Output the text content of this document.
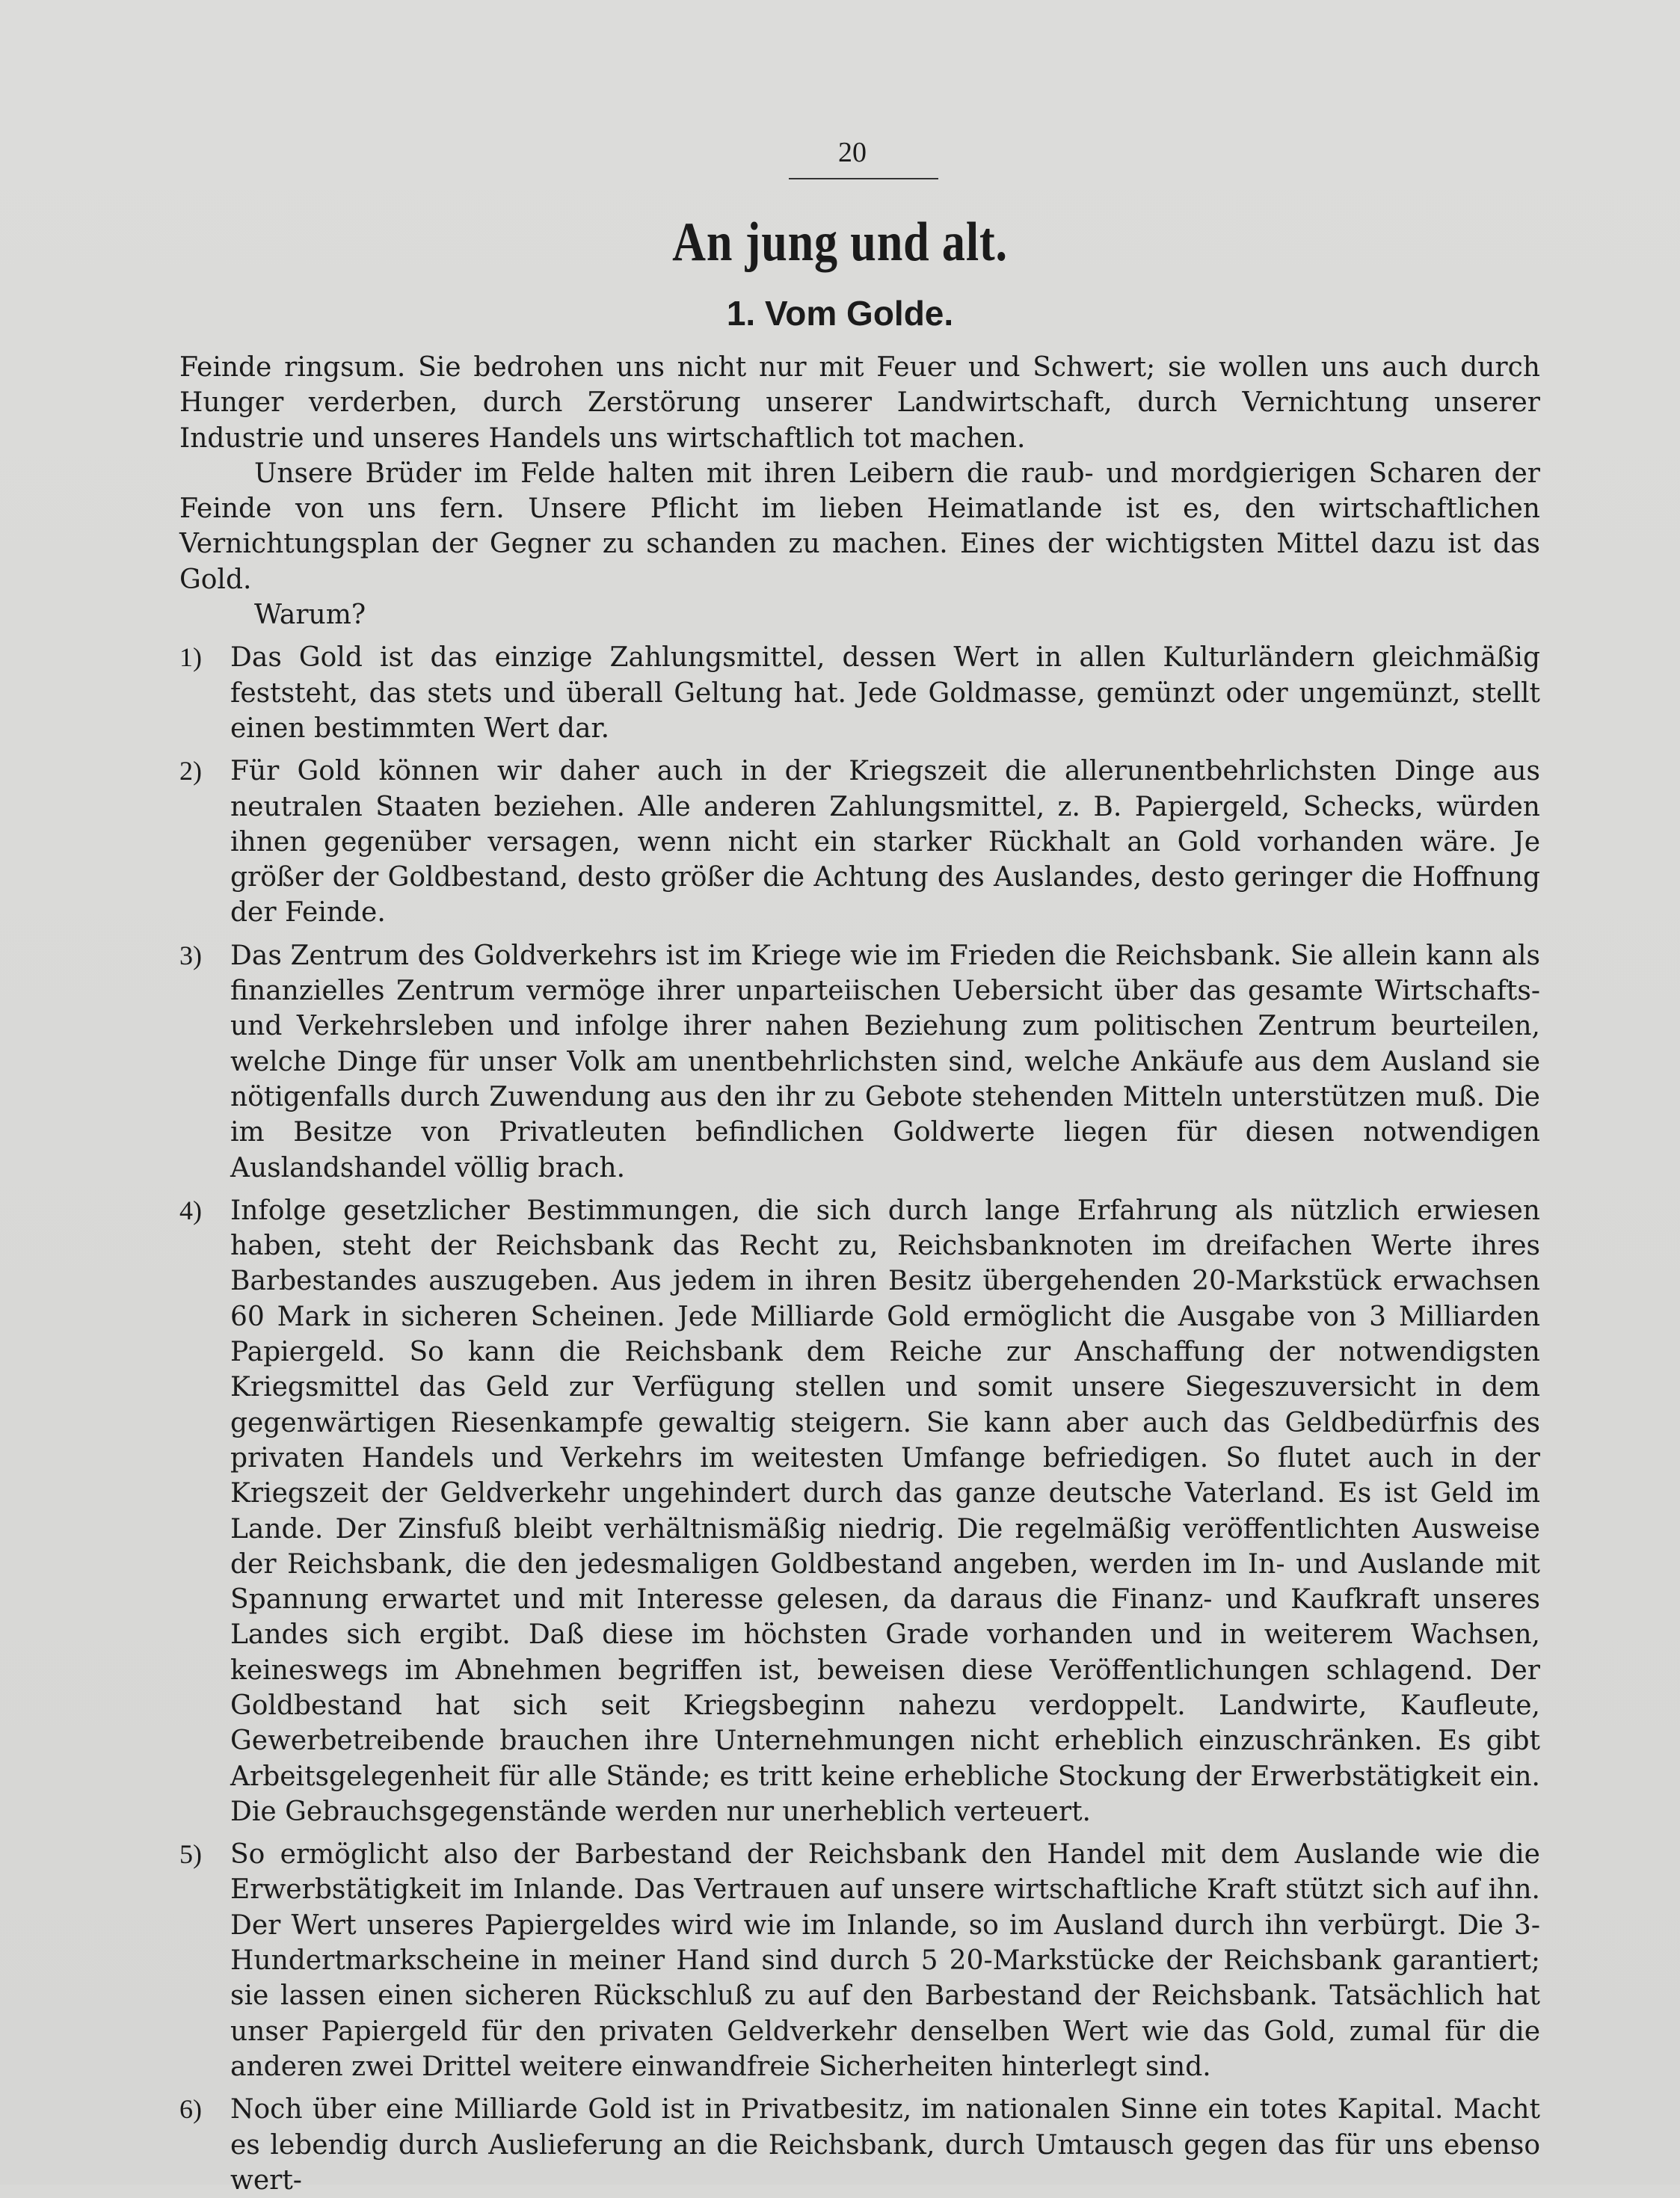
20
An jung und alt.
1. Vom Golde.

Feinde ringsum. Sie bedrohen uns nicht nur mit Feuer und Schwert; sie wollen uns auch durch Hunger verderben, durch Zerstörung unserer Landwirtschaft, durch Vernichtung unserer Industrie und unseres Handels uns wirtschaftlich tot machen.

Unsere Brüder im Felde halten mit ihren Leibern die raub- und mordgierigen Scharen der Feinde von uns fern. Unsere Pflicht im lieben Heimatlande ist es, den wirtschaftlichen Vernichtungsplan der Gegner zu schanden zu machen. Eines der wichtigsten Mittel dazu ist das Gold.

Warum?

1) Das Gold ist das einzige Zahlungsmittel, dessen Wert in allen Kulturländern gleichmäßig feststeht, das stets und überall Geltung hat. Jede Goldmasse, gemünzt oder ungemünzt, stellt einen bestimmten Wert dar.

2) Für Gold können wir daher auch in der Kriegszeit die allerunentbehrlichsten Dinge aus neutralen Staaten beziehen. Alle anderen Zahlungsmittel, z. B. Papiergeld, Schecks, würden ihnen gegenüber versagen, wenn nicht ein starker Rückhalt an Gold vorhanden wäre. Je größer der Goldbestand, desto größer die Achtung des Auslandes, desto geringer die Hoffnung der Feinde.

3) Das Zentrum des Goldverkehrs ist im Kriege wie im Frieden die Reichsbank. Sie allein kann als finanzielles Zentrum vermöge ihrer unparteiischen Uebersicht über das gesamte Wirtschafts- und Verkehrsleben und infolge ihrer nahen Beziehung zum politischen Zentrum beurteilen, welche Dinge für unser Volk am unentbehrlichsten sind, welche Ankäufe aus dem Ausland sie nötigenfalls durch Zuwendung aus den ihr zu Gebote stehenden Mitteln unterstützen muß. Die im Besitze von Privatleuten befindlichen Goldwerte liegen für diesen notwendigen Auslandshandel völlig brach.

4) Infolge gesetzlicher Bestimmungen, die sich durch lange Erfahrung als nützlich erwiesen haben, steht der Reichsbank das Recht zu, Reichsbanknoten im dreifachen Werte ihres Barbestandes auszugeben. Aus jedem in ihren Besitz übergehenden 20-Markstück erwachsen 60 Mark in sicheren Scheinen. Jede Milliarde Gold ermöglicht die Ausgabe von 3 Milliarden Papiergeld. So kann die Reichsbank dem Reiche zur Anschaffung der notwendigsten Kriegsmittel das Geld zur Verfügung stellen und somit unsere Siegeszuversicht in dem gegenwärtigen Riesenkampfe gewaltig steigern. Sie kann aber auch das Geldbedürfnis des privaten Handels und Verkehrs im weitesten Umfange befriedigen. So flutet auch in der Kriegszeit der Geldverkehr ungehindert durch das ganze deutsche Vaterland. Es ist Geld im Lande. Der Zinsfuß bleibt verhältnismäßig niedrig. Die regelmäßig veröffentlichten Ausweise der Reichsbank, die den jedesmaligen Goldbestand angeben, werden im In- und Auslande mit Spannung erwartet und mit Interesse gelesen, da daraus die Finanz- und Kaufkraft unseres Landes sich ergibt. Daß diese im höchsten Grade vorhanden und in weiterem Wachsen, keineswegs im Abnehmen begriffen ist, beweisen diese Veröffentlichungen schlagend. Der Goldbestand hat sich seit Kriegsbeginn nahezu verdoppelt. Landwirte, Kaufleute, Gewerbetreibende brauchen ihre Unternehmungen nicht erheblich einzuschränken. Es gibt Arbeitsgelegenheit für alle Stände; es tritt keine erhebliche Stockung der Erwerbstätigkeit ein. Die Gebrauchsgegenstände werden nur unerheblich verteuert.

5) So ermöglicht also der Barbestand der Reichsbank den Handel mit dem Auslande wie die Erwerbstätigkeit im Inlande. Das Vertrauen auf unsere wirtschaftliche Kraft stützt sich auf ihn. Der Wert unseres Papiergeldes wird wie im Inlande, so im Ausland durch ihn verbürgt. Die 3-Hundertmarkscheine in meiner Hand sind durch 5 20-Markstücke der Reichsbank garantiert; sie lassen einen sicheren Rückschluß zu auf den Barbestand der Reichsbank. Tatsächlich hat unser Papiergeld für den privaten Geldverkehr denselben Wert wie das Gold, zumal für die anderen zwei Drittel weitere einwandfreie Sicherheiten hinterlegt sind.

6) Noch über eine Milliarde Gold ist in Privatbesitz, im nationalen Sinne ein totes Kapital. Macht es lebendig durch Auslieferung an die Reichsbank, durch Umtausch gegen das für uns ebenso wert-
